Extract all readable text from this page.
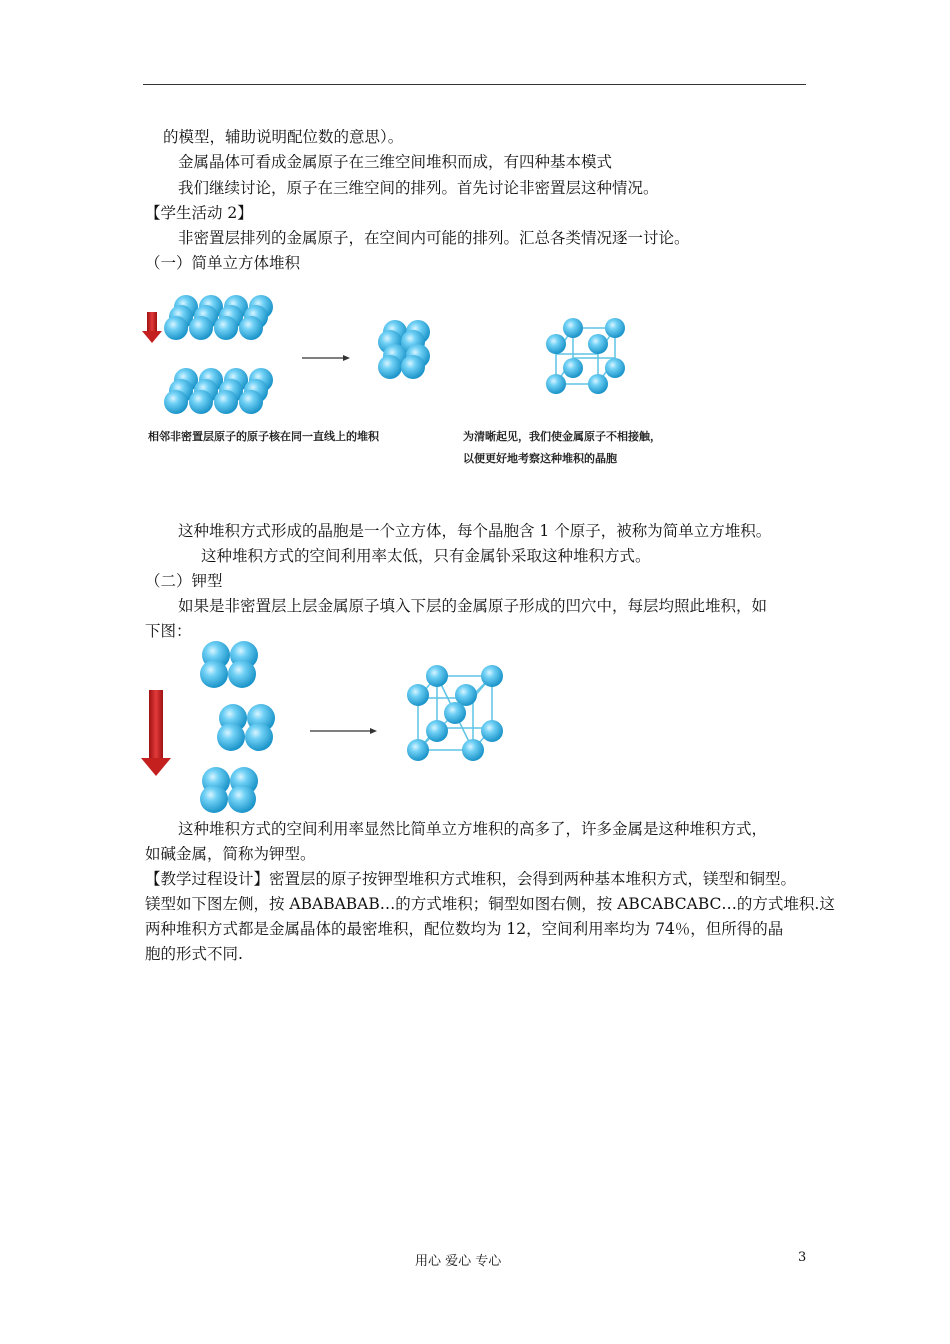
的模型，辅助说明配位数的意思）。
金属晶体可看成金属原子在三维空间堆积而成，有四种基本模式
我们继续讨论，原子在三维空间的排列。首先讨论非密置层这种情况。
【学生活动 2】
非密置层排列的金属原子，在空间内可能的排列。汇总各类情况逐一讨论。
（一）简单立方体堆积
相邻非密置层原子的原子核在同一直线上的堆积	为清晰起见，我们使金属原子不相接触，
以便更好地考察这种堆积的晶胞
这种堆积方式形成的晶胞是一个立方体，每个晶胞含 1 个原子，被称为简单立方堆积。
这种堆积方式的空间利用率太低，只有金属钋采取这种堆积方式。
（二）钾型
如果是非密置层上层金属原子填入下层的金属原子形成的凹穴中，每层均照此堆积，如
下图：
这种堆积方式的空间利用率显然比简单立方堆积的高多了，许多金属是这种堆积方式，
如碱金属，简称为钾型。
【教学过程设计】密置层的原子按钾型堆积方式堆积，会得到两种基本堆积方式，镁型和铜型。
镁型如下图左侧，按 ABABABAB…的方式堆积；铜型如图右侧，按 ABCABCABC…的方式堆积.这
两种堆积方式都是金属晶体的最密堆积，配位数均为 12，空间利用率均为 74％，但所得的晶
胞的形式不同.
用心 爱心 专心	3
